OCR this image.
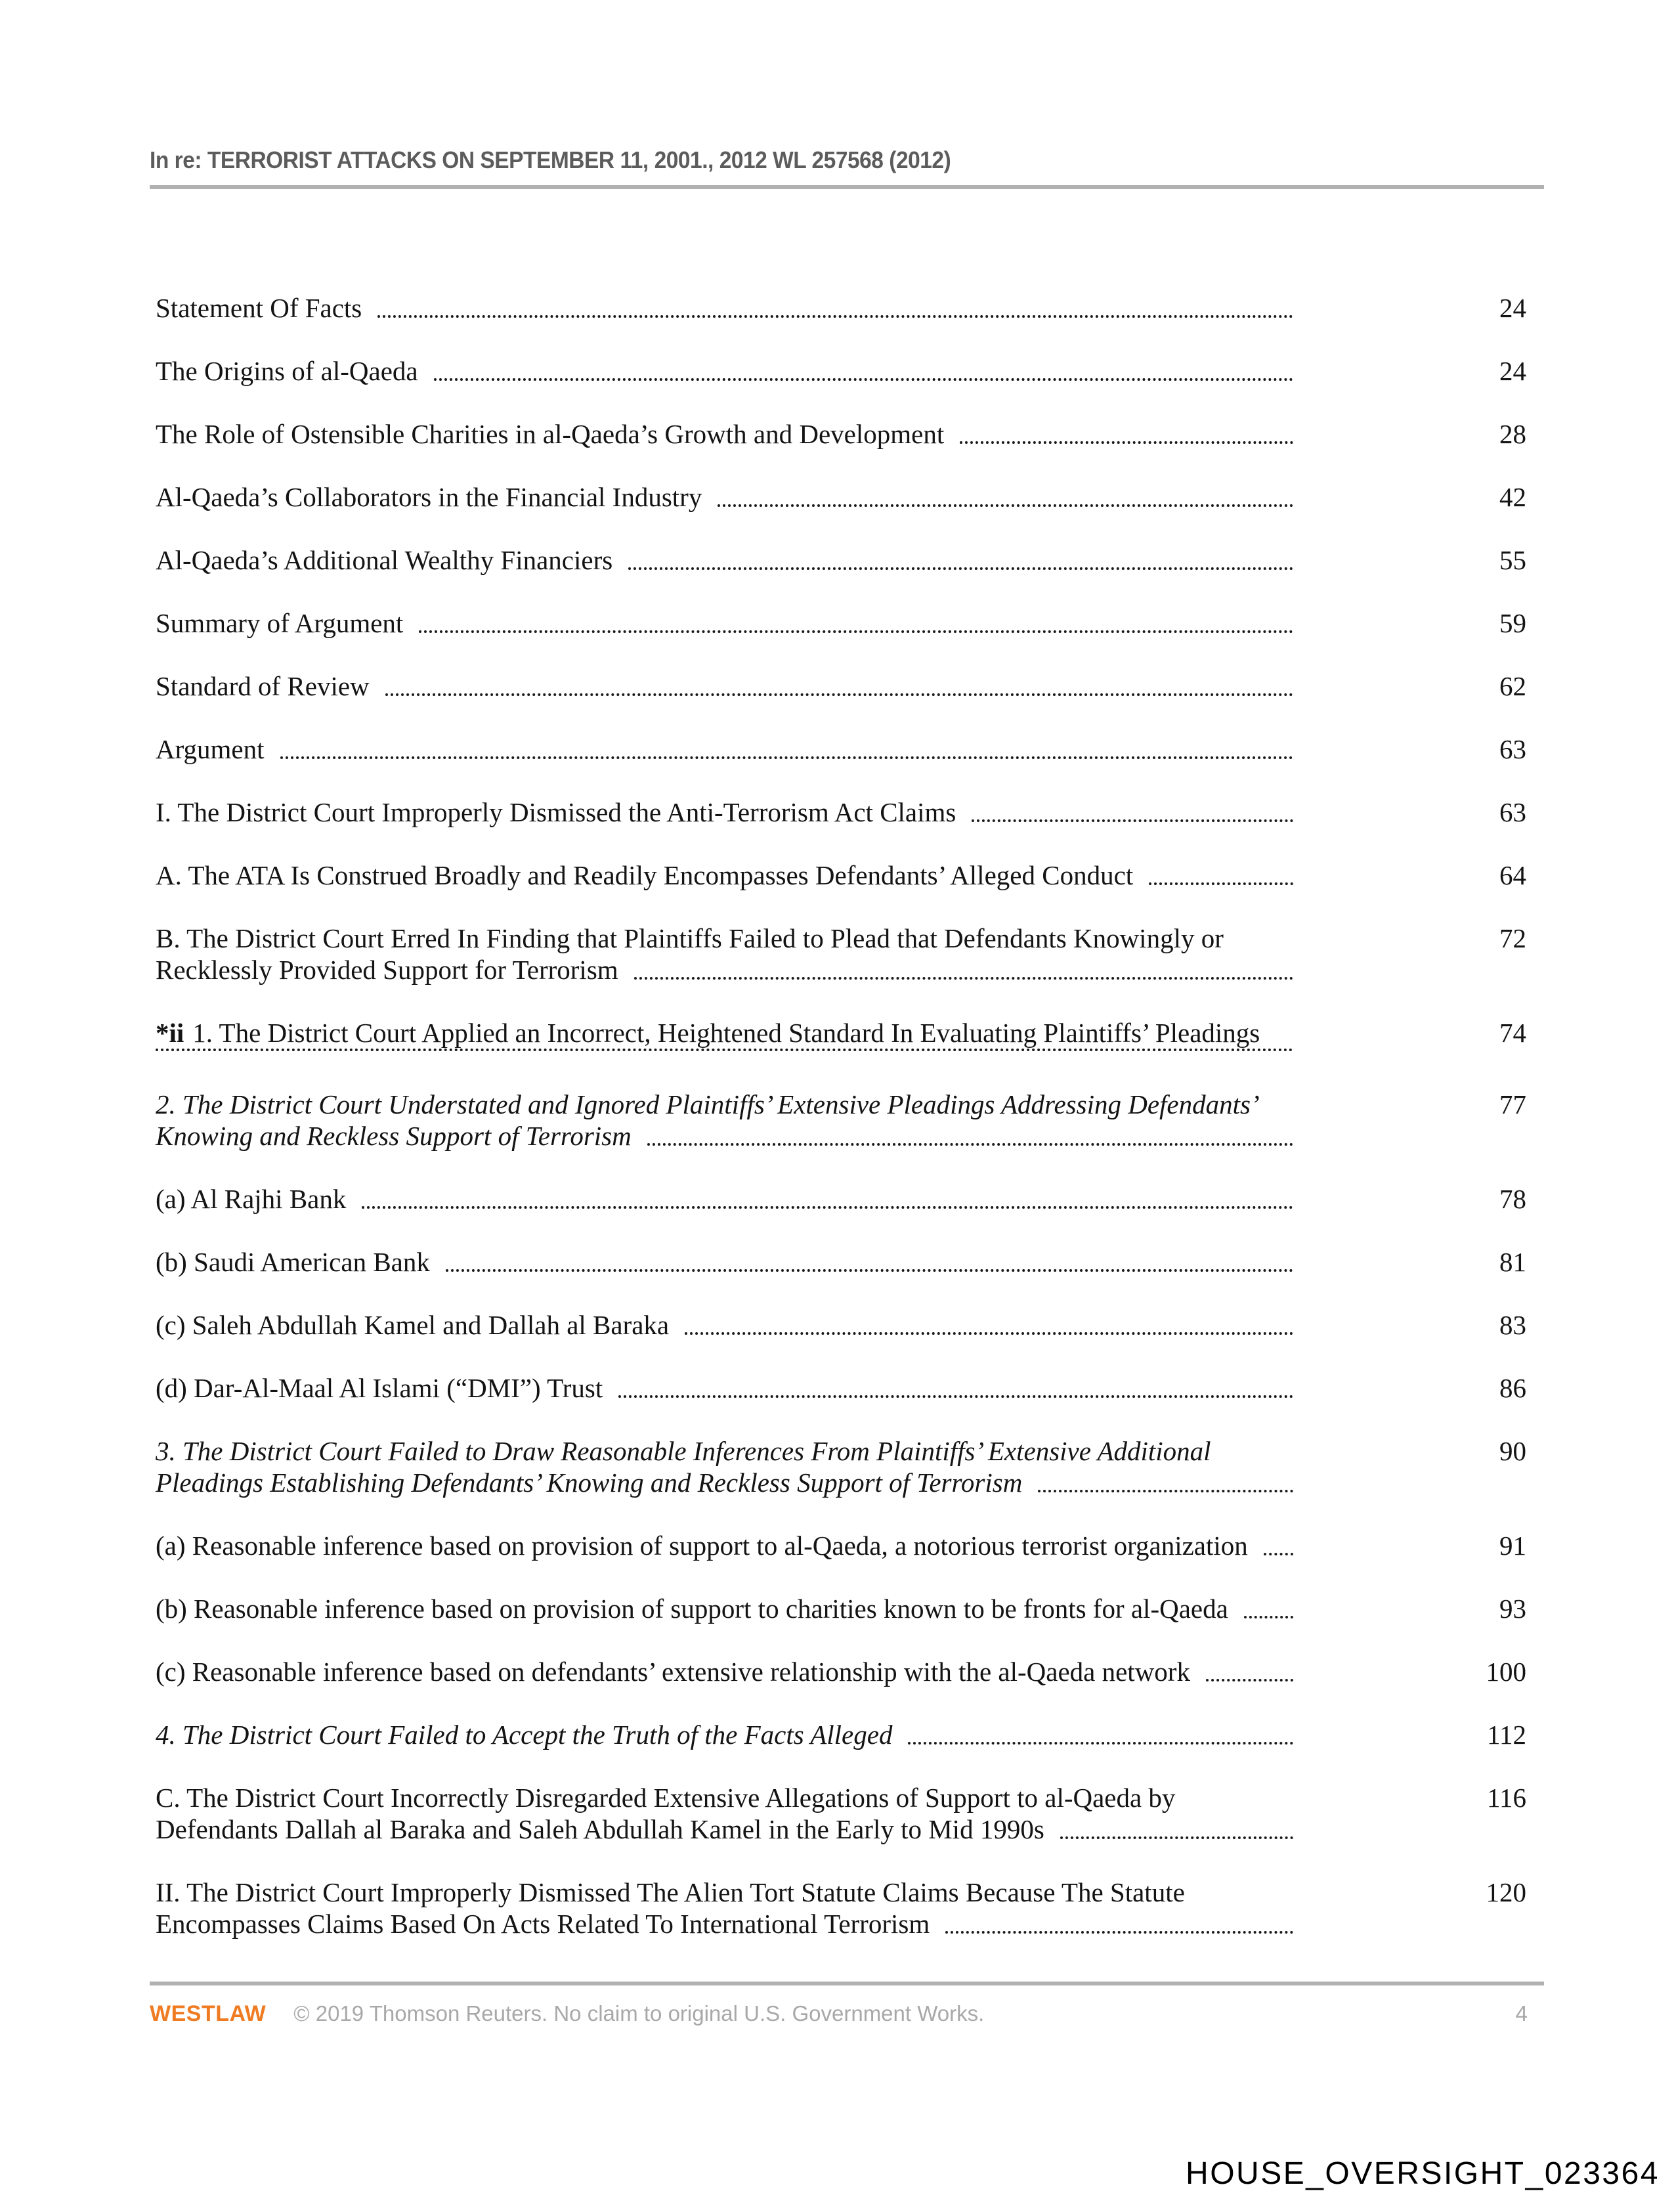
In re: TERRORIST ATTACKS ON SEPTEMBER 11, 2001., 2012 WL 257568 (2012)
Statement Of Facts	24
The Origins of al-Qaeda	24
The Role of Ostensible Charities in al-Qaeda’s Growth and Development	28
Al-Qaeda’s Collaborators in the Financial Industry	42
Al-Qaeda’s Additional Wealthy Financiers	55
Summary of Argument	59
Standard of Review	62
Argument	63
I. The District Court Improperly Dismissed the Anti-Terrorism Act Claims	63
A. The ATA Is Construed Broadly and Readily Encompasses Defendants’ Alleged Conduct	64
B. The District Court Erred In Finding that Plaintiffs Failed to Plead that Defendants Knowingly or
Recklessly Provided Support for Terrorism
72
*ii 1. The District Court Applied an Incorrect, Heightened Standard In Evaluating Plaintiffs’ Pleadings	74
2. The District Court Understated and Ignored Plaintiffs’ Extensive Pleadings Addressing Defendants’
Knowing and Reckless Support of Terrorism
77
(a) Al Rajhi Bank	78
(b) Saudi American Bank	81
(c) Saleh Abdullah Kamel and Dallah al Baraka	83
(d) Dar-Al-Maal Al Islami (“DMI”) Trust	86
3. The District Court Failed to Draw Reasonable Inferences From Plaintiffs’ Extensive Additional
Pleadings Establishing Defendants’ Knowing and Reckless Support of Terrorism
90
(a) Reasonable inference based on provision of support to al-Qaeda, a notorious terrorist organization	91
(b) Reasonable inference based on provision of support to charities known to be fronts for al-Qaeda	93
(c) Reasonable inference based on defendants’ extensive relationship with the al-Qaeda network	100
4. The District Court Failed to Accept the Truth of the Facts Alleged	112
C. The District Court Incorrectly Disregarded Extensive Allegations of Support to al-Qaeda by
Defendants Dallah al Baraka and Saleh Abdullah Kamel in the Early to Mid 1990s
116
II. The District Court Improperly Dismissed The Alien Tort Statute Claims Because The Statute
Encompasses Claims Based On Acts Related To International Terrorism
120
WESTLAW © 2019 Thomson Reuters. No claim to original U.S. Government Works.	4
HOUSE_OVERSIGHT_023364
